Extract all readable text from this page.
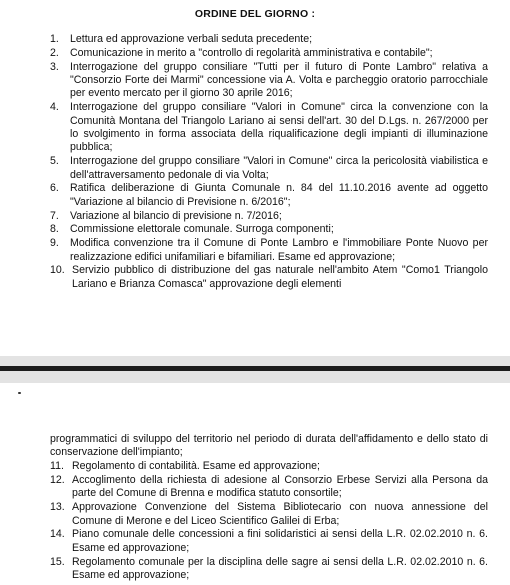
ORDINE DEL GIORNO :
1.	Lettura ed approvazione verbali seduta precedente;
2.	Comunicazione in merito a "controllo di regolarità amministrativa e contabile";
3.	Interrogazione del gruppo consiliare "Tutti per il futuro di Ponte Lambro" relativa a "Consorzio Forte dei Marmi" concessione via A. Volta e parcheggio oratorio parrocchiale per evento mercato per il giorno 30 aprile 2016;
4.	Interrogazione del gruppo consiliare "Valori in Comune" circa la convenzione con la Comunità Montana del Triangolo Lariano ai sensi dell'art. 30 del D.Lgs. n. 267/2000 per lo svolgimento in forma associata della riqualificazione degli impianti di illuminazione pubblica;
5.	Interrogazione del gruppo consiliare "Valori in Comune" circa la pericolosità viabilistica e dell'attraversamento pedonale di via Volta;
6.	Ratifica deliberazione di Giunta Comunale n. 84 del 11.10.2016 avente ad oggetto "Variazione al bilancio di Previsione n. 6/2016";
7.	Variazione al bilancio di previsione n. 7/2016;
8.	Commissione elettorale comunale. Surroga componenti;
9.	Modifica convenzione tra il Comune di Ponte Lambro e l'immobiliare Ponte Nuovo per realizzazione edifici unifamiliari e bifamiliari. Esame ed approvazione;
10. Servizio pubblico di distribuzione del gas naturale nell'ambito Atem "Como1 Triangolo Lariano e Brianza Comasca" approvazione degli elementi
programmatici di sviluppo del territorio nel periodo di durata dell'affidamento e dello stato di conservazione dell'impianto;
11. Regolamento di contabilità. Esame ed approvazione;
12. Accoglimento della richiesta di adesione al Consorzio Erbese Servizi alla Persona da parte del Comune di Brenna e modifica statuto consortile;
13. Approvazione Convenzione del Sistema Bibliotecario con nuova annessione del Comune di Merone e del Liceo Scientifico Galilei di Erba;
14. Piano comunale delle concessioni a fini solidaristici ai sensi della L.R. 02.02.2010 n. 6. Esame ed approvazione;
15. Regolamento comunale per la disciplina delle sagre ai sensi della L.R. 02.02.2010 n. 6. Esame ed approvazione;
